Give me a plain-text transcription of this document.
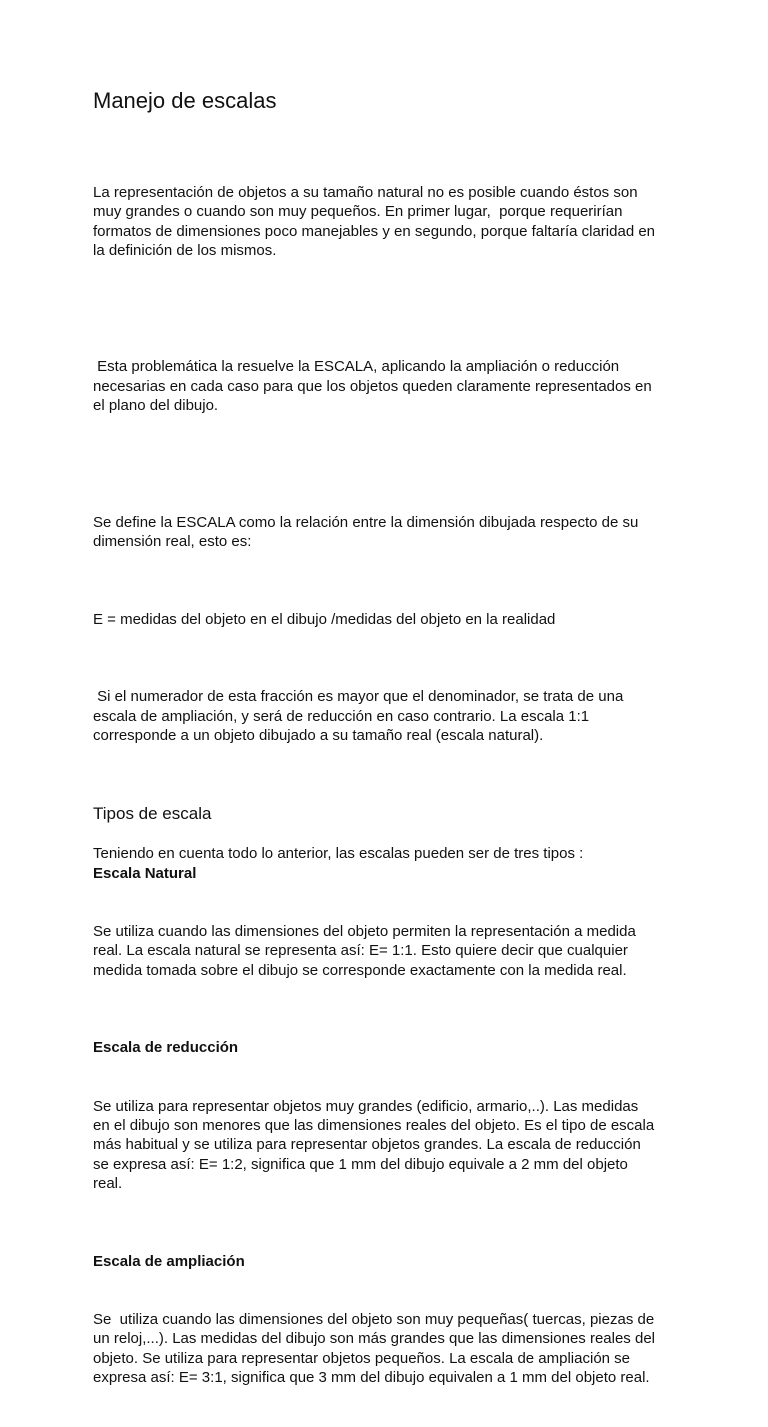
Manejo de escalas

La representación de objetos a su tamaño natural no es posible cuando éstos son
muy grandes o cuando son muy pequeños. En primer lugar,  porque requerirían
formatos de dimensiones poco manejables y en segundo, porque faltaría claridad en
la definición de los mismos.

Esta problemática la resuelve la ESCALA, aplicando la ampliación o reducción
necesarias en cada caso para que los objetos queden claramente representados en
el plano del dibujo.

Se define la ESCALA como la relación entre la dimensión dibujada respecto de su
dimensión real, esto es:

E = medidas del objeto en el dibujo /medidas del objeto en la realidad

Si el numerador de esta fracción es mayor que el denominador, se trata de una
escala de ampliación, y será de reducción en caso contrario. La escala 1:1
corresponde a un objeto dibujado a su tamaño real (escala natural).

Tipos de escala

Teniendo en cuenta todo lo anterior, las escalas pueden ser de tres tipos :

Escala Natural

Se utiliza cuando las dimensiones del objeto permiten la representación a medida
real. La escala natural se representa así: E= 1:1. Esto quiere decir que cualquier
medida tomada sobre el dibujo se corresponde exactamente con la medida real.

Escala de reducción

Se utiliza para representar objetos muy grandes (edificio, armario,..). Las medidas
en el dibujo son menores que las dimensiones reales del objeto. Es el tipo de escala
más habitual y se utiliza para representar objetos grandes. La escala de reducción
se expresa así: E= 1:2, significa que 1 mm del dibujo equivale a 2 mm del objeto
real.

Escala de ampliación

Se  utiliza cuando las dimensiones del objeto son muy pequeñas( tuercas, piezas de
un reloj,...). Las medidas del dibujo son más grandes que las dimensiones reales del
objeto. Se utiliza para representar objetos pequeños. La escala de ampliación se
expresa así: E= 3:1, significa que 3 mm del dibujo equivalen a 1 mm del objeto real.
